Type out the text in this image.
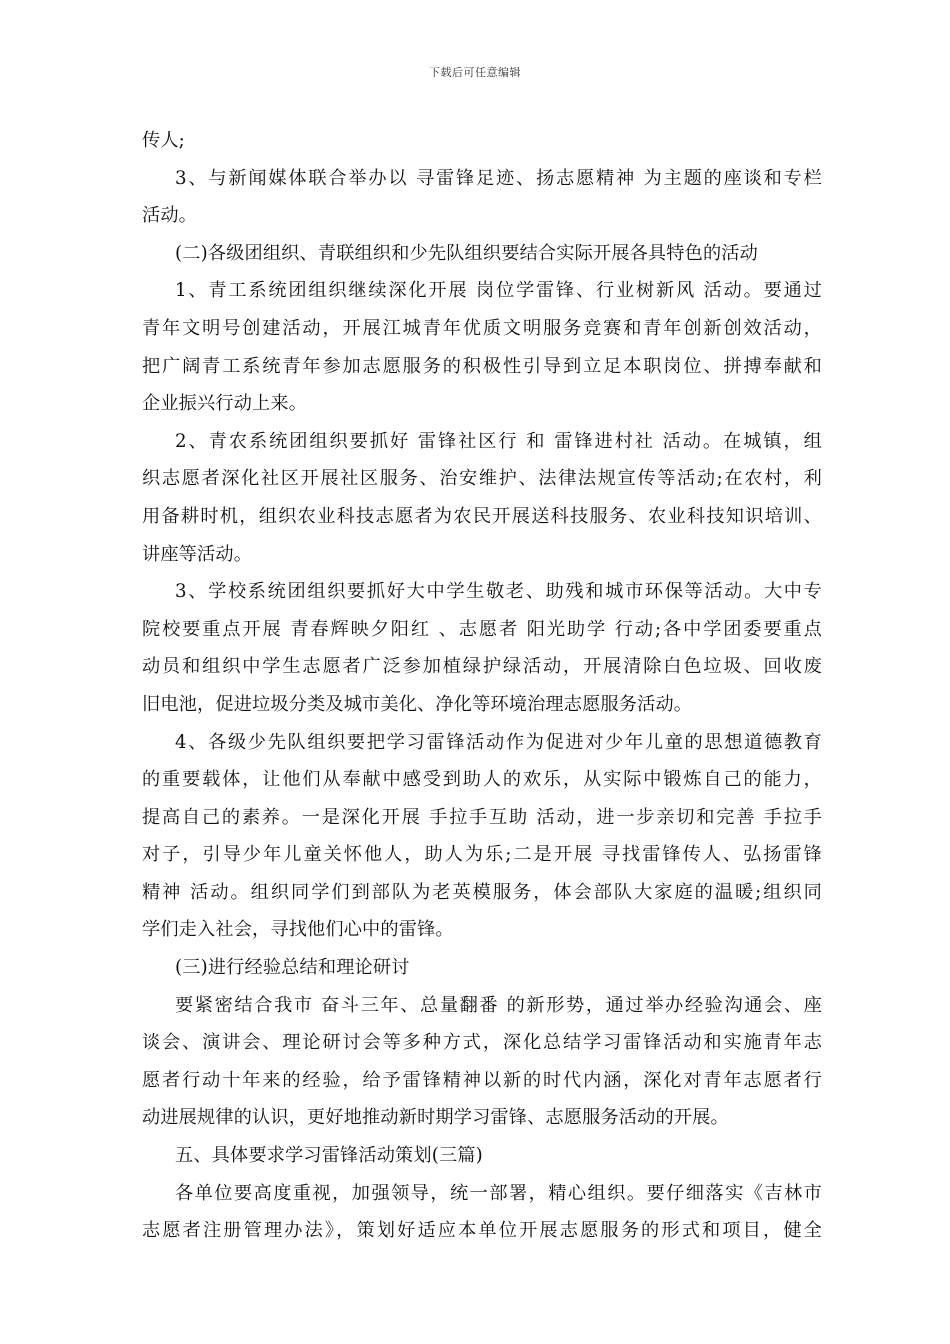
下载后可任意编辑
传人;
3、与新闻媒体联合举办以 寻雷锋足迹、扬志愿精神 为主题的座谈和专栏
活动。
(二)各级团组织、青联组织和少先队组织要结合实际开展各具特色的活动
1、青工系统团组织继续深化开展 岗位学雷锋、行业树新风 活动。要通过
青年文明号创建活动，开展江城青年优质文明服务竞赛和青年创新创效活动，
把广阔青工系统青年参加志愿服务的积极性引导到立足本职岗位、拼搏奉献和
企业振兴行动上来。
2、青农系统团组织要抓好 雷锋社区行 和 雷锋进村社 活动。在城镇，组
织志愿者深化社区开展社区服务、治安维护、法律法规宣传等活动;在农村，利
用备耕时机，组织农业科技志愿者为农民开展送科技服务、农业科技知识培训、
讲座等活动。
3、学校系统团组织要抓好大中学生敬老、助残和城市环保等活动。大中专
院校要重点开展 青春辉映夕阳红 、志愿者 阳光助学 行动;各中学团委要重点
动员和组织中学生志愿者广泛参加植绿护绿活动，开展清除白色垃圾、回收废
旧电池，促进垃圾分类及城市美化、净化等环境治理志愿服务活动。
4、各级少先队组织要把学习雷锋活动作为促进对少年儿童的思想道德教育
的重要载体，让他们从奉献中感受到助人的欢乐，从实际中锻炼自己的能力，
提高自己的素养。一是深化开展 手拉手互助 活动，进一步亲切和完善 手拉手
对子，引导少年儿童关怀他人，助人为乐;二是开展 寻找雷锋传人、弘扬雷锋
精神 活动。组织同学们到部队为老英模服务，体会部队大家庭的温暖;组织同
学们走入社会，寻找他们心中的雷锋。
(三)进行经验总结和理论研讨
要紧密结合我市 奋斗三年、总量翻番 的新形势，通过举办经验沟通会、座
谈会、演讲会、理论研讨会等多种方式，深化总结学习雷锋活动和实施青年志
愿者行动十年来的经验，给予雷锋精神以新的时代内涵，深化对青年志愿者行
动进展规律的认识，更好地推动新时期学习雷锋、志愿服务活动的开展。
五、具体要求学习雷锋活动策划(三篇)
各单位要高度重视，加强领导，统一部署，精心组织。要仔细落实《吉林市
志愿者注册管理办法》，策划好适应本单位开展志愿服务的形式和项目，健全
